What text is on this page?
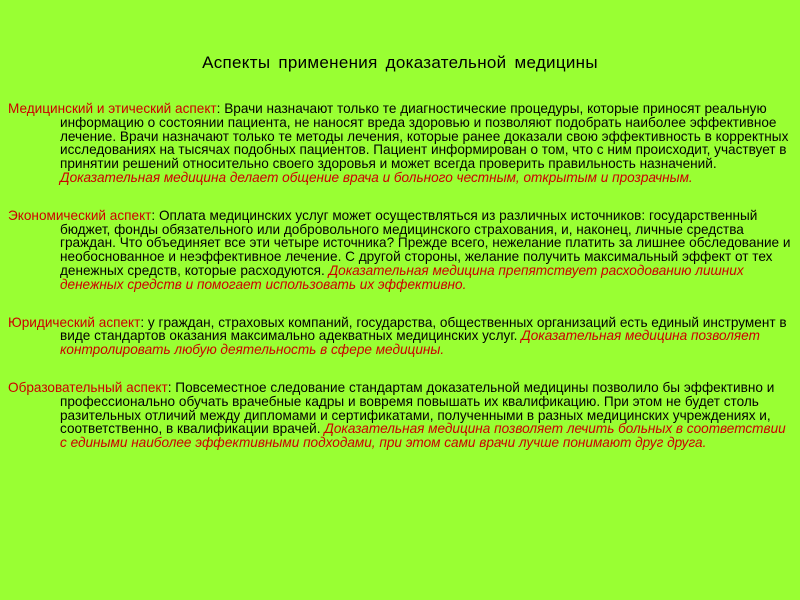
Аспекты применения доказательной медицины

Медицинский и этический аспект: Врачи назначают только те диагностические процедуры, которые приносят реальную информацию о состоянии пациента, не наносят вреда здоровью и позволяют подобрать наиболее эффективное лечение. Врачи назначают только те методы лечения, которые ранее доказали свою эффективность в корректных исследованиях на тысячах подобных пациентов. Пациент информирован о том, что с ним происходит, участвует в принятии решений относительно своего здоровья и может всегда проверить правильность назначений. Доказательная медицина делает общение врача и больного честным, открытым и прозрачным.

Экономический аспект: Оплата медицинских услуг может осуществляться из различных источников: государственный бюджет, фонды обязательного или добровольного медицинского страхования, и, наконец, личные средства граждан. Что объединяет все эти четыре источника? Прежде всего, нежелание платить за лишнее обследование и необоснованное и неэффективное лечение. С другой стороны, желание получить максимальный эффект от тех денежных средств, которые расходуются. Доказательная медицина препятствует расходованию лишних денежных средств и помогает использовать их эффективно.

Юридический аспект: у граждан, страховых компаний, государства, общественных организаций есть единый инструмент в виде стандартов оказания максимально адекватных медицинских услуг. Доказательная медицина позволяет контролировать любую деятельность в сфере медицины.

Образовательный аспект: Повсеместное следование стандартам доказательной медицины позволило бы эффективно и профессионально обучать врачебные кадры и вовремя повышать их квалификацию. При этом не будет столь разительных отличий между дипломами и сертификатами, полученными в разных медицинских учреждениях и, соответственно, в квалификации врачей. Доказательная медицина позволяет лечить больных в соответствии с едиными наиболее эффективными подходами, при этом сами врачи лучше понимают друг друга.
